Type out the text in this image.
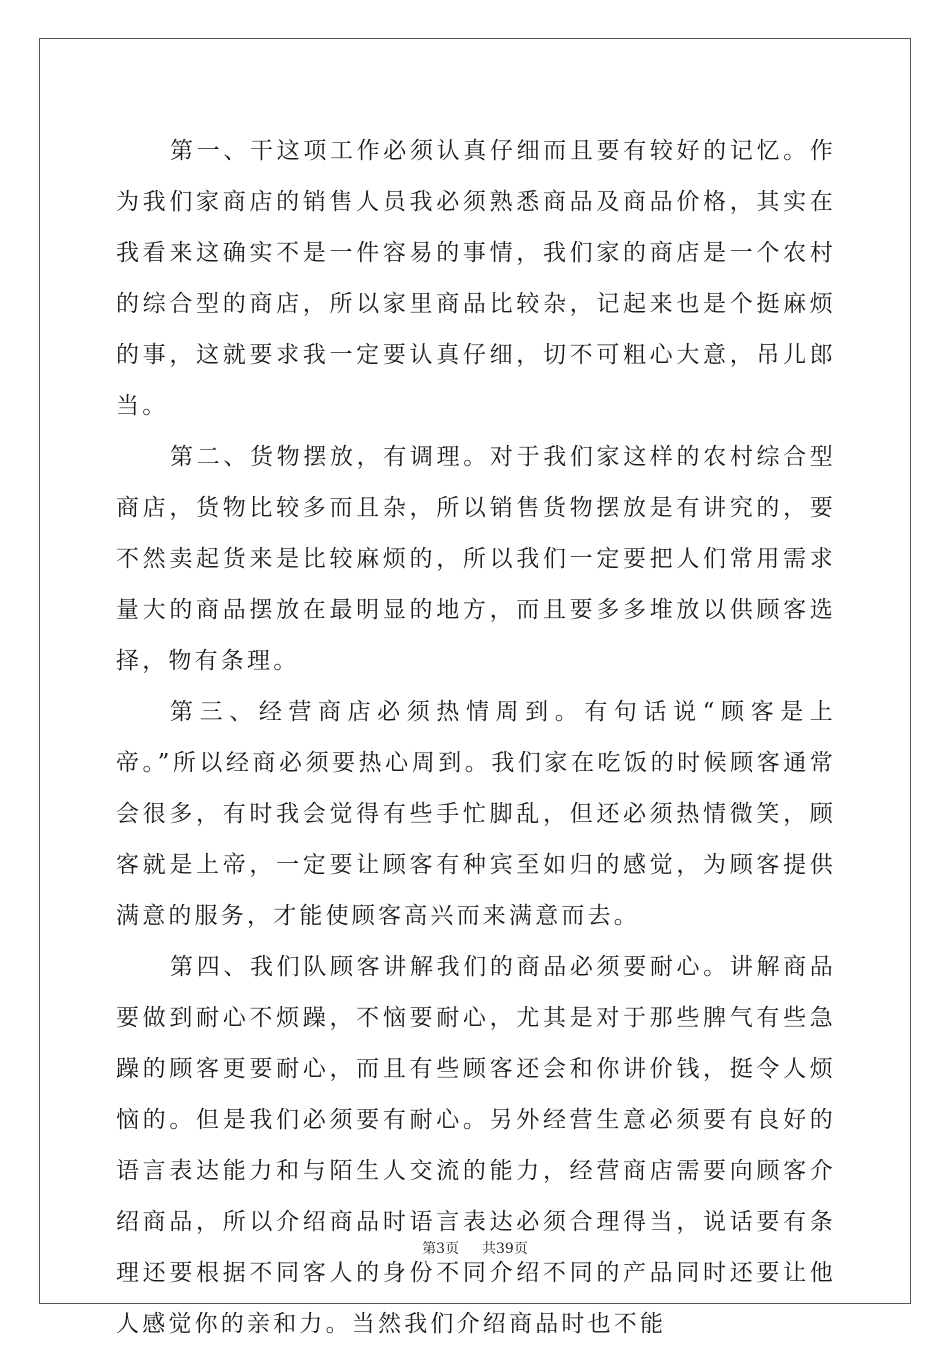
第一、干这项工作必须认真仔细而且要有较好的记忆。作为我们家商店的销售人员我必须熟悉商品及商品价格，其实在我看来这确实不是一件容易的事情，我们家的商店是一个农村的综合型的商店，所以家里商品比较杂，记起来也是个挺麻烦的事，这就要求我一定要认真仔细，切不可粗心大意，吊儿郎当。

第二、货物摆放，有调理。对于我们家这样的农村综合型商店，货物比较多而且杂，所以销售货物摆放是有讲究的，要不然卖起货来是比较麻烦的，所以我们一定要把人们常用需求量大的商品摆放在最明显的地方，而且要多多堆放以供顾客选择，物有条理。

第三、经营商店必须热情周到。有句话说“顾客是上帝。”所以经商必须要热心周到。我们家在吃饭的时候顾客通常会很多，有时我会觉得有些手忙脚乱，但还必须热情微笑，顾客就是上帝，一定要让顾客有种宾至如归的感觉，为顾客提供满意的服务，才能使顾客高兴而来满意而去。

第四、我们队顾客讲解我们的商品必须要耐心。讲解商品要做到耐心不烦躁，不恼要耐心，尤其是对于那些脾气有些急躁的顾客更要耐心，而且有些顾客还会和你讲价钱，挺令人烦恼的。但是我们必须要有耐心。另外经营生意必须要有良好的语言表达能力和与陌生人交流的能力，经营商店需要向顾客介绍商品，所以介绍商品时语言表达必须合理得当，说话要有条理还要根据不同客人的身份不同介绍不同的产品同时还要让他人感觉你的亲和力。当然我们介绍商品时也不能

第3页 共39页
